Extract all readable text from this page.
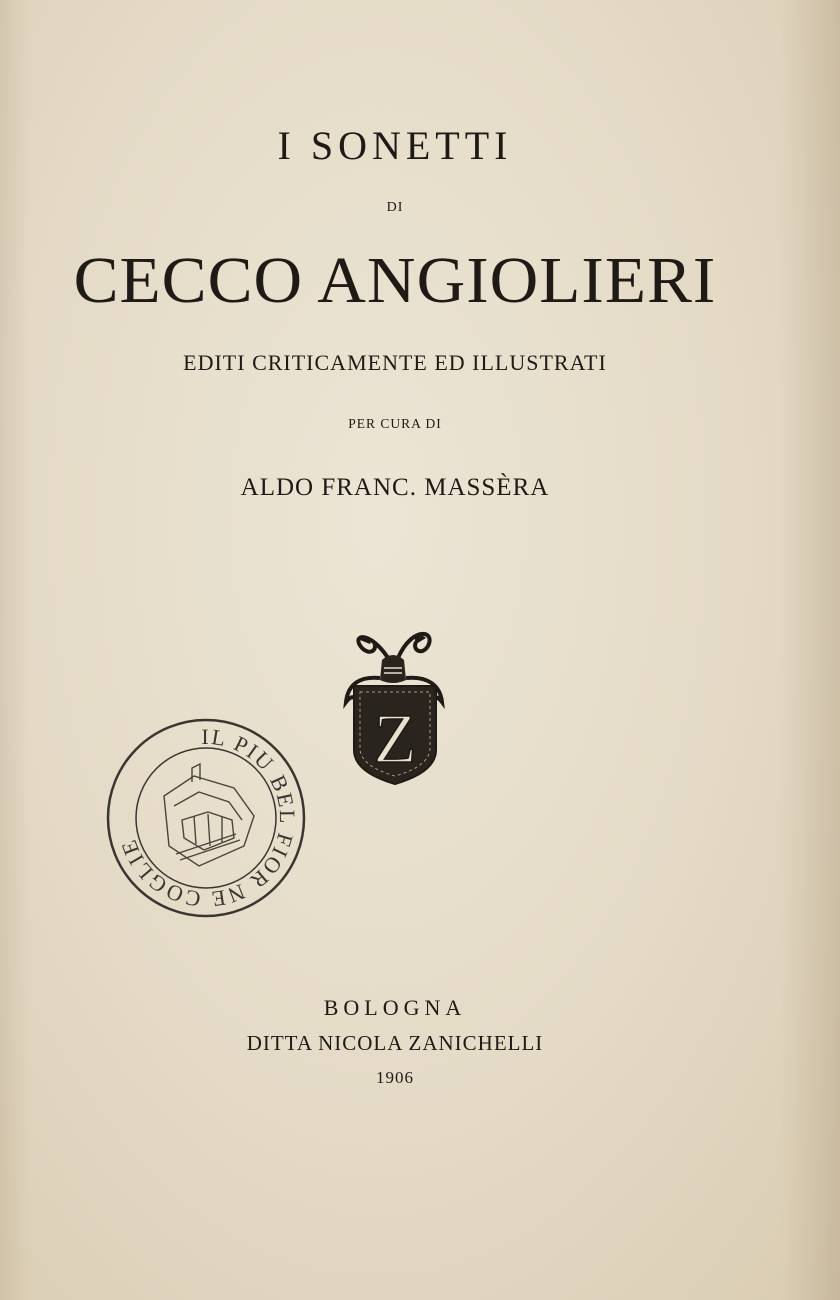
I SONETTI
DI
CECCO ANGIOLIERI
EDITI CRITICAMENTE ED ILLUSTRATI
PER CURA DI
ALDO FRANC. MASSÈRA
Z
IL PIU BEL FIOR NE COGLIE
BOLOGNA
DITTA NICOLA ZANICHELLI
1906
